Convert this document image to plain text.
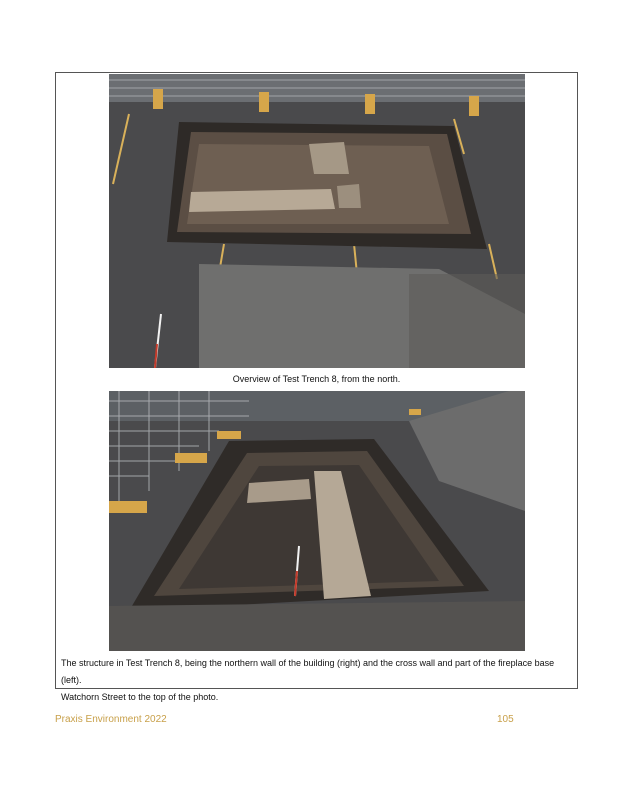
Overview of Test Trench 8, from the north.
The structure in Test Trench 8, being the northern wall of the building (right) and the cross wall and part of the fireplace base (left).
Watchorn Street to the top of the photo.
Praxis Environment 2022	105
